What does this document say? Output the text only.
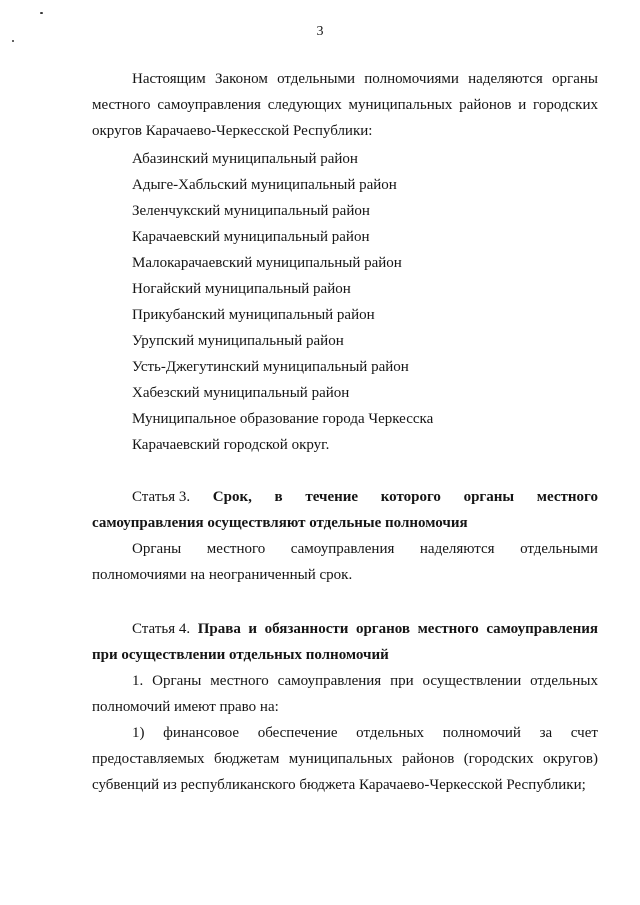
3
Настоящим Законом отдельными полномочиями наделяются органы
местного самоуправления следующих муниципальных районов и городских
округов Карачаево-Черкесской Республики:
Абазинский муниципальный район
Адыге-Хабльский муниципальный район
Зеленчукский муниципальный район
Карачаевский муниципальный район
Малокарачаевский муниципальный район
Ногайский муниципальный район
Прикубанский муниципальный район
Урупский муниципальный район
Усть-Джегутинский муниципальный район
Хабезский муниципальный район
Муниципальное образование города Черкесска
Карачаевский городской округ.
Статья 3. Срок, в течение которого органы местного
самоуправления осуществляют отдельные полномочия
Органы местного самоуправления наделяются отдельными
полномочиями на неограниченный срок.
Статья 4. Права и обязанности органов местного самоуправления
при осуществлении отдельных полномочий
1. Органы местного самоуправления при осуществлении отдельных
полномочий имеют право на:
1) финансовое обеспечение отдельных полномочий за счет
предоставляемых бюджетам муниципальных районов (городских округов)
субвенций из республиканского бюджета Карачаево-Черкесской Республики;
